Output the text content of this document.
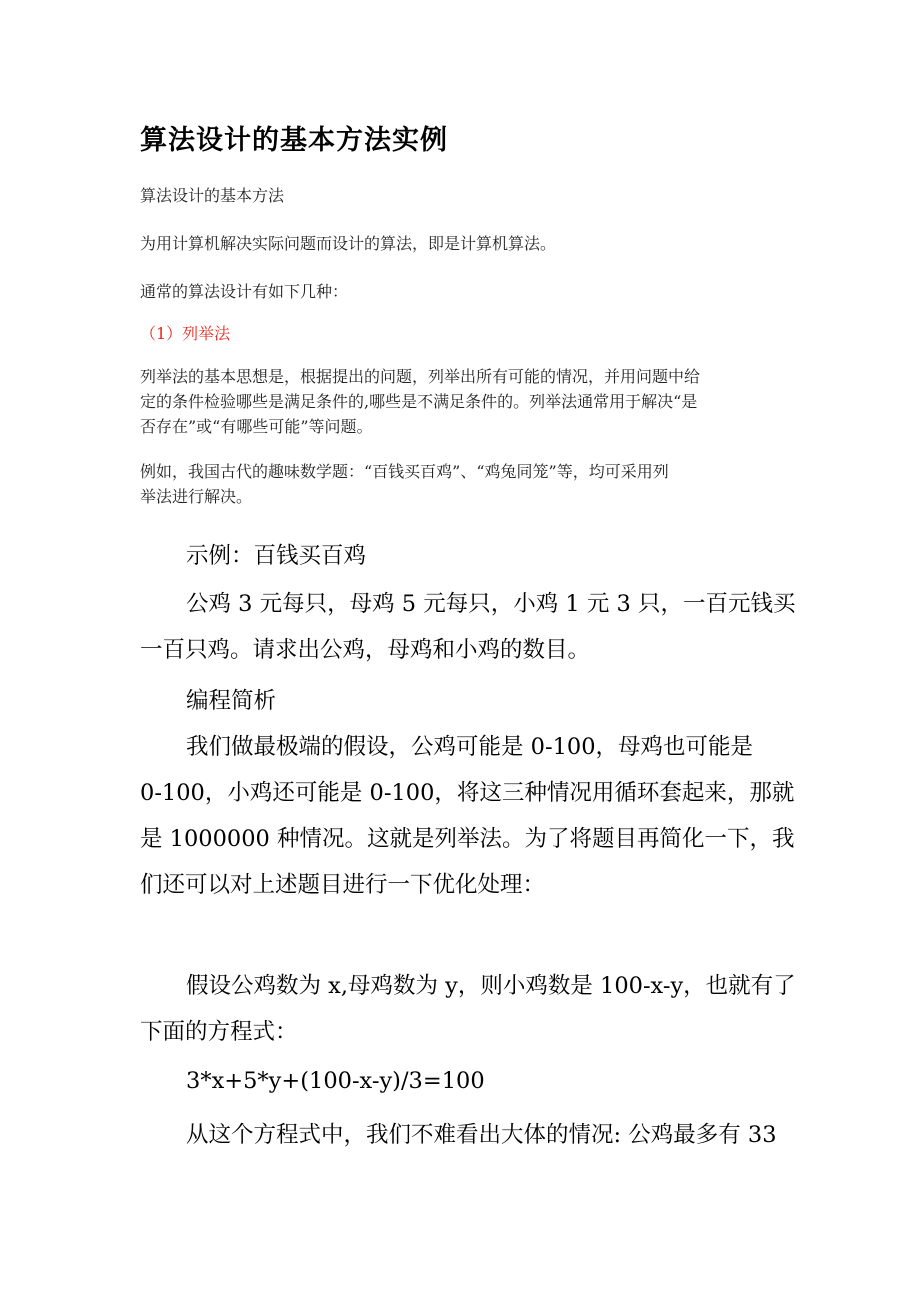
算法设计的基本方法实例

算法设计的基本方法

为用计算机解决实际问题而设计的算法，即是计算机算法。

通常的算法设计有如下几种：

（1）列举法

列举法的基本思想是，根据提出的问题，列举出所有可能的情况，并用问题中给
定的条件检验哪些是满足条件的,哪些是不满足条件的。列举法通常用于解决“是
否存在”或“有哪些可能”等问题。
例如，我国古代的趣味数学题：“百钱买百鸡”、“鸡兔同笼”等，均可采用列
举法进行解决。

示例：百钱买百鸡

公鸡 3 元每只，母鸡 5 元每只，小鸡 1 元 3 只，一百元钱买
一百只鸡。请求出公鸡，母鸡和小鸡的数目。

编程简析

我们做最极端的假设，公鸡可能是 0-100，母鸡也可能是
0-100，小鸡还可能是 0-100，将这三种情况用循环套起来，那就
是 1000000 种情况。这就是列举法。为了将题目再简化一下，我
们还可以对上述题目进行一下优化处理：
假设公鸡数为 x,母鸡数为 y，则小鸡数是 100-x-y，也就有了
下面的方程式：

3*x+5*y+(100-x-y)/3=100

从这个方程式中，我们不难看出大体的情况: 公鸡最多有 33
